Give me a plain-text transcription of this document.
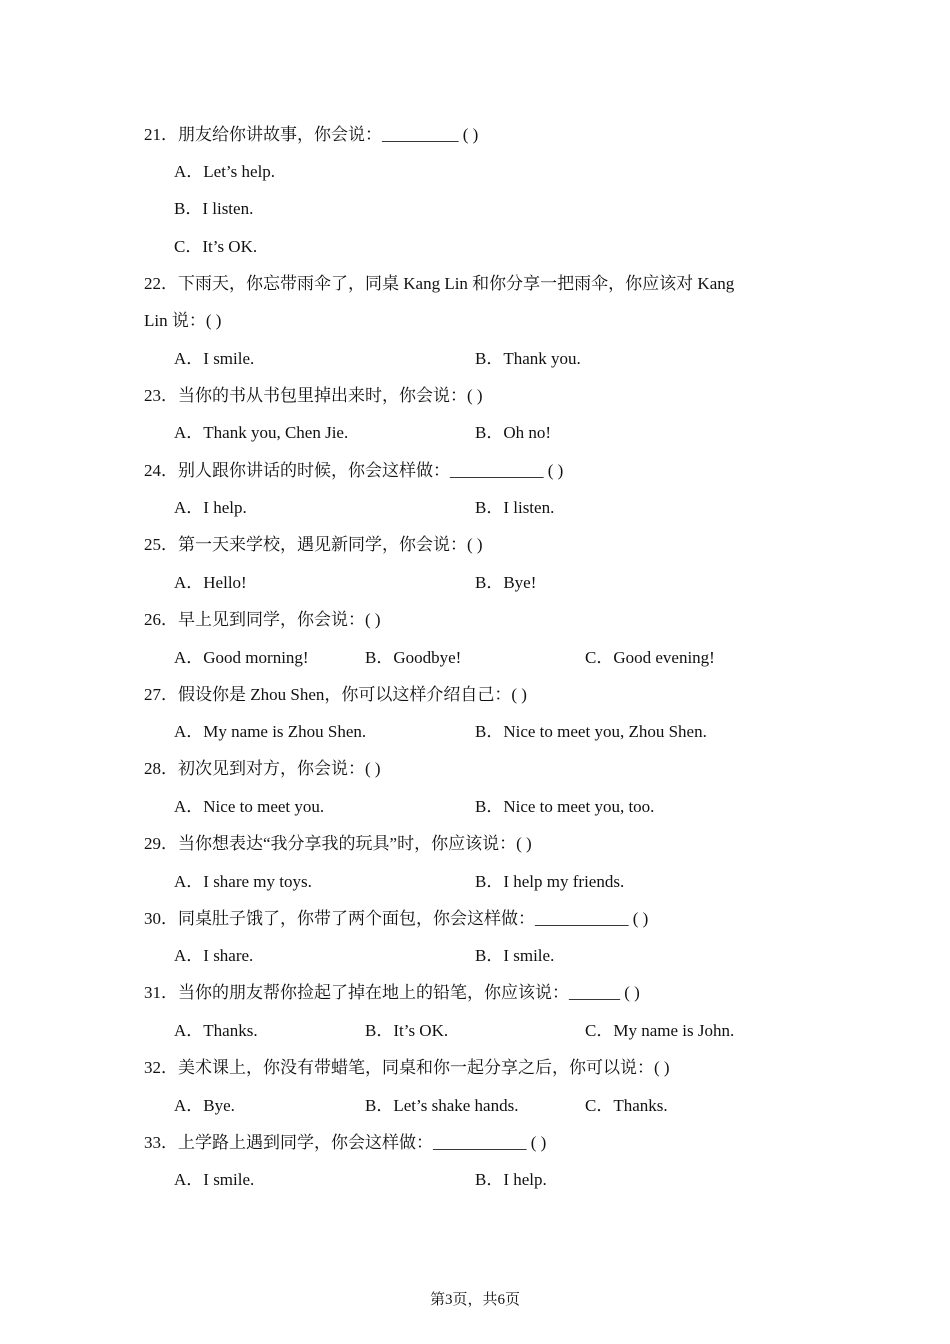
21．朋友给你讲故事，你会说：_________ ( )
A．Let’s help.
B．I listen.
C．It’s OK.
22．下雨天，你忘带雨伞了，同桌 Kang Lin 和你分享一把雨伞，你应该对 Kang
Lin 说：( )
A．I smile.	B．Thank you.
23．当你的书从书包里掉出来时，你会说：( )
A．Thank you, Chen Jie.	B．Oh no!
24．别人跟你讲话的时候，你会这样做：___________ ( )
A．I help.	B．I listen.
25．第一天来学校，遇见新同学，你会说：( )
A．Hello!	B．Bye!
26．早上见到同学，你会说：( )
A．Good morning!	B．Goodbye!	C．Good evening!
27．假设你是 Zhou Shen，你可以这样介绍自己：( )
A．My name is Zhou Shen.	B．Nice to meet you, Zhou Shen.
28．初次见到对方，你会说：( )
A．Nice to meet you.	B．Nice to meet you, too.
29．当你想表达“我分享我的玩具”时，你应该说：( )
A．I share my toys.	B．I help my friends.
30．同桌肚子饿了，你带了两个面包，你会这样做：___________ ( )
A．I share.	B．I smile.
31．当你的朋友帮你捡起了掉在地上的铅笔，你应该说：______ ( )
A．Thanks.	B．It’s OK.	C．My name is John.
32．美术课上，你没有带蜡笔，同桌和你一起分享之后，你可以说：( )
A．Bye.	B．Let’s shake hands.	C．Thanks.
33．上学路上遇到同学，你会这样做：___________ ( )
A．I smile.	B．I help.
第3页，共6页
